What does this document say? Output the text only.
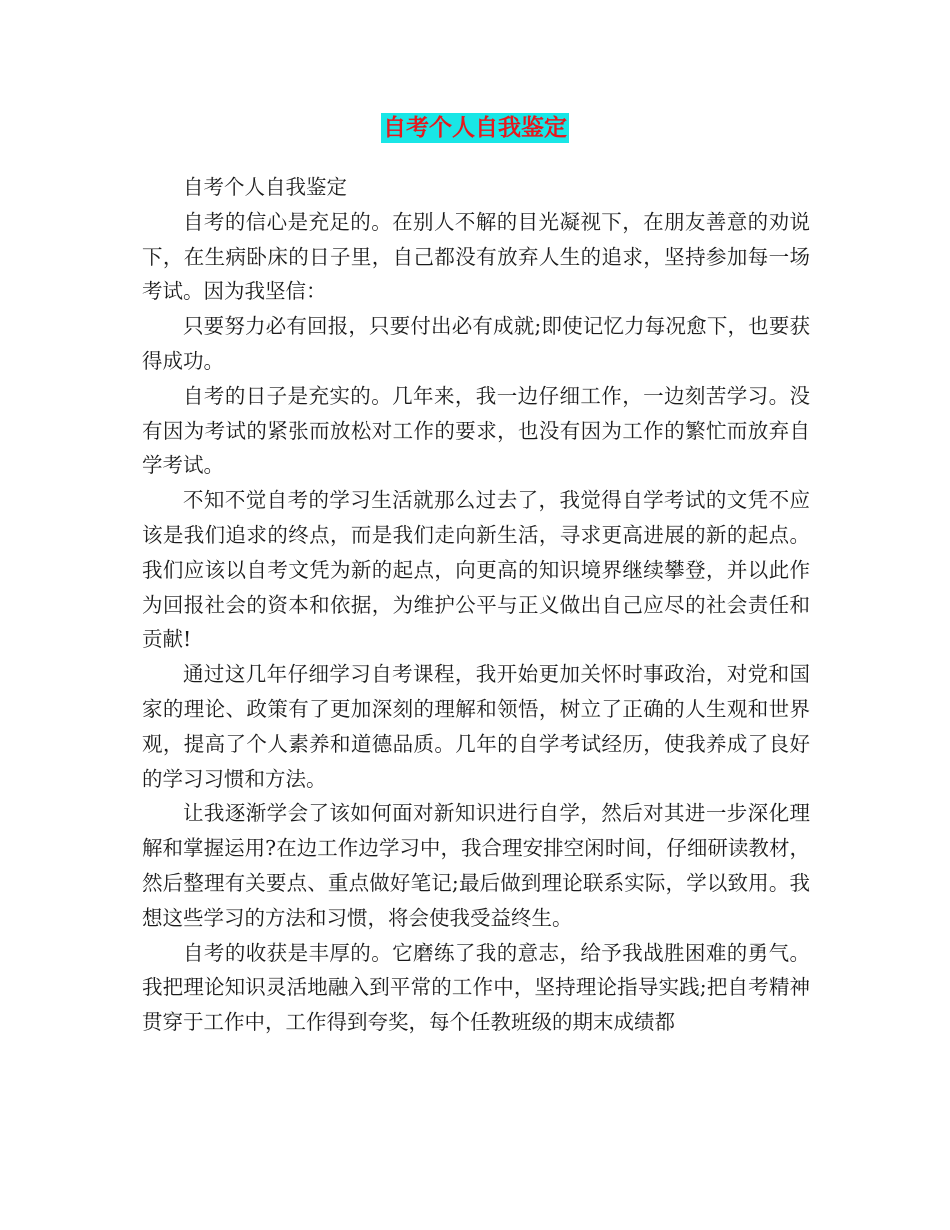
自考个人自我鉴定

自考个人自我鉴定

自考的信心是充足的。在别人不解的目光凝视下，在朋友善意的劝说下，在生病卧床的日子里，自己都没有放弃人生的追求，坚持参加每一场考试。因为我坚信：

只要努力必有回报，只要付出必有成就;即使记忆力每况愈下，也要获得成功。

自考的日子是充实的。几年来，我一边仔细工作，一边刻苦学习。没有因为考试的紧张而放松对工作的要求，也没有因为工作的繁忙而放弃自学考试。

不知不觉自考的学习生活就那么过去了，我觉得自学考试的文凭不应该是我们追求的终点，而是我们走向新生活，寻求更高进展的新的起点。我们应该以自考文凭为新的起点，向更高的知识境界继续攀登，并以此作为回报社会的资本和依据，为维护公平与正义做出自己应尽的社会责任和贡献!

通过这几年仔细学习自考课程，我开始更加关怀时事政治，对党和国家的理论、政策有了更加深刻的理解和领悟，树立了正确的人生观和世界观，提高了个人素养和道德品质。几年的自学考试经历，使我养成了良好的学习习惯和方法。

让我逐渐学会了该如何面对新知识进行自学，然后对其进一步深化理解和掌握运用?在边工作边学习中，我合理安排空闲时间，仔细研读教材，然后整理有关要点、重点做好笔记;最后做到理论联系实际，学以致用。我想这些学习的方法和习惯，将会使我受益终生。

自考的收获是丰厚的。它磨练了我的意志，给予我战胜困难的勇气。我把理论知识灵活地融入到平常的工作中，坚持理论指导实践;把自考精神贯穿于工作中，工作得到夸奖，每个任教班级的期末成绩都
